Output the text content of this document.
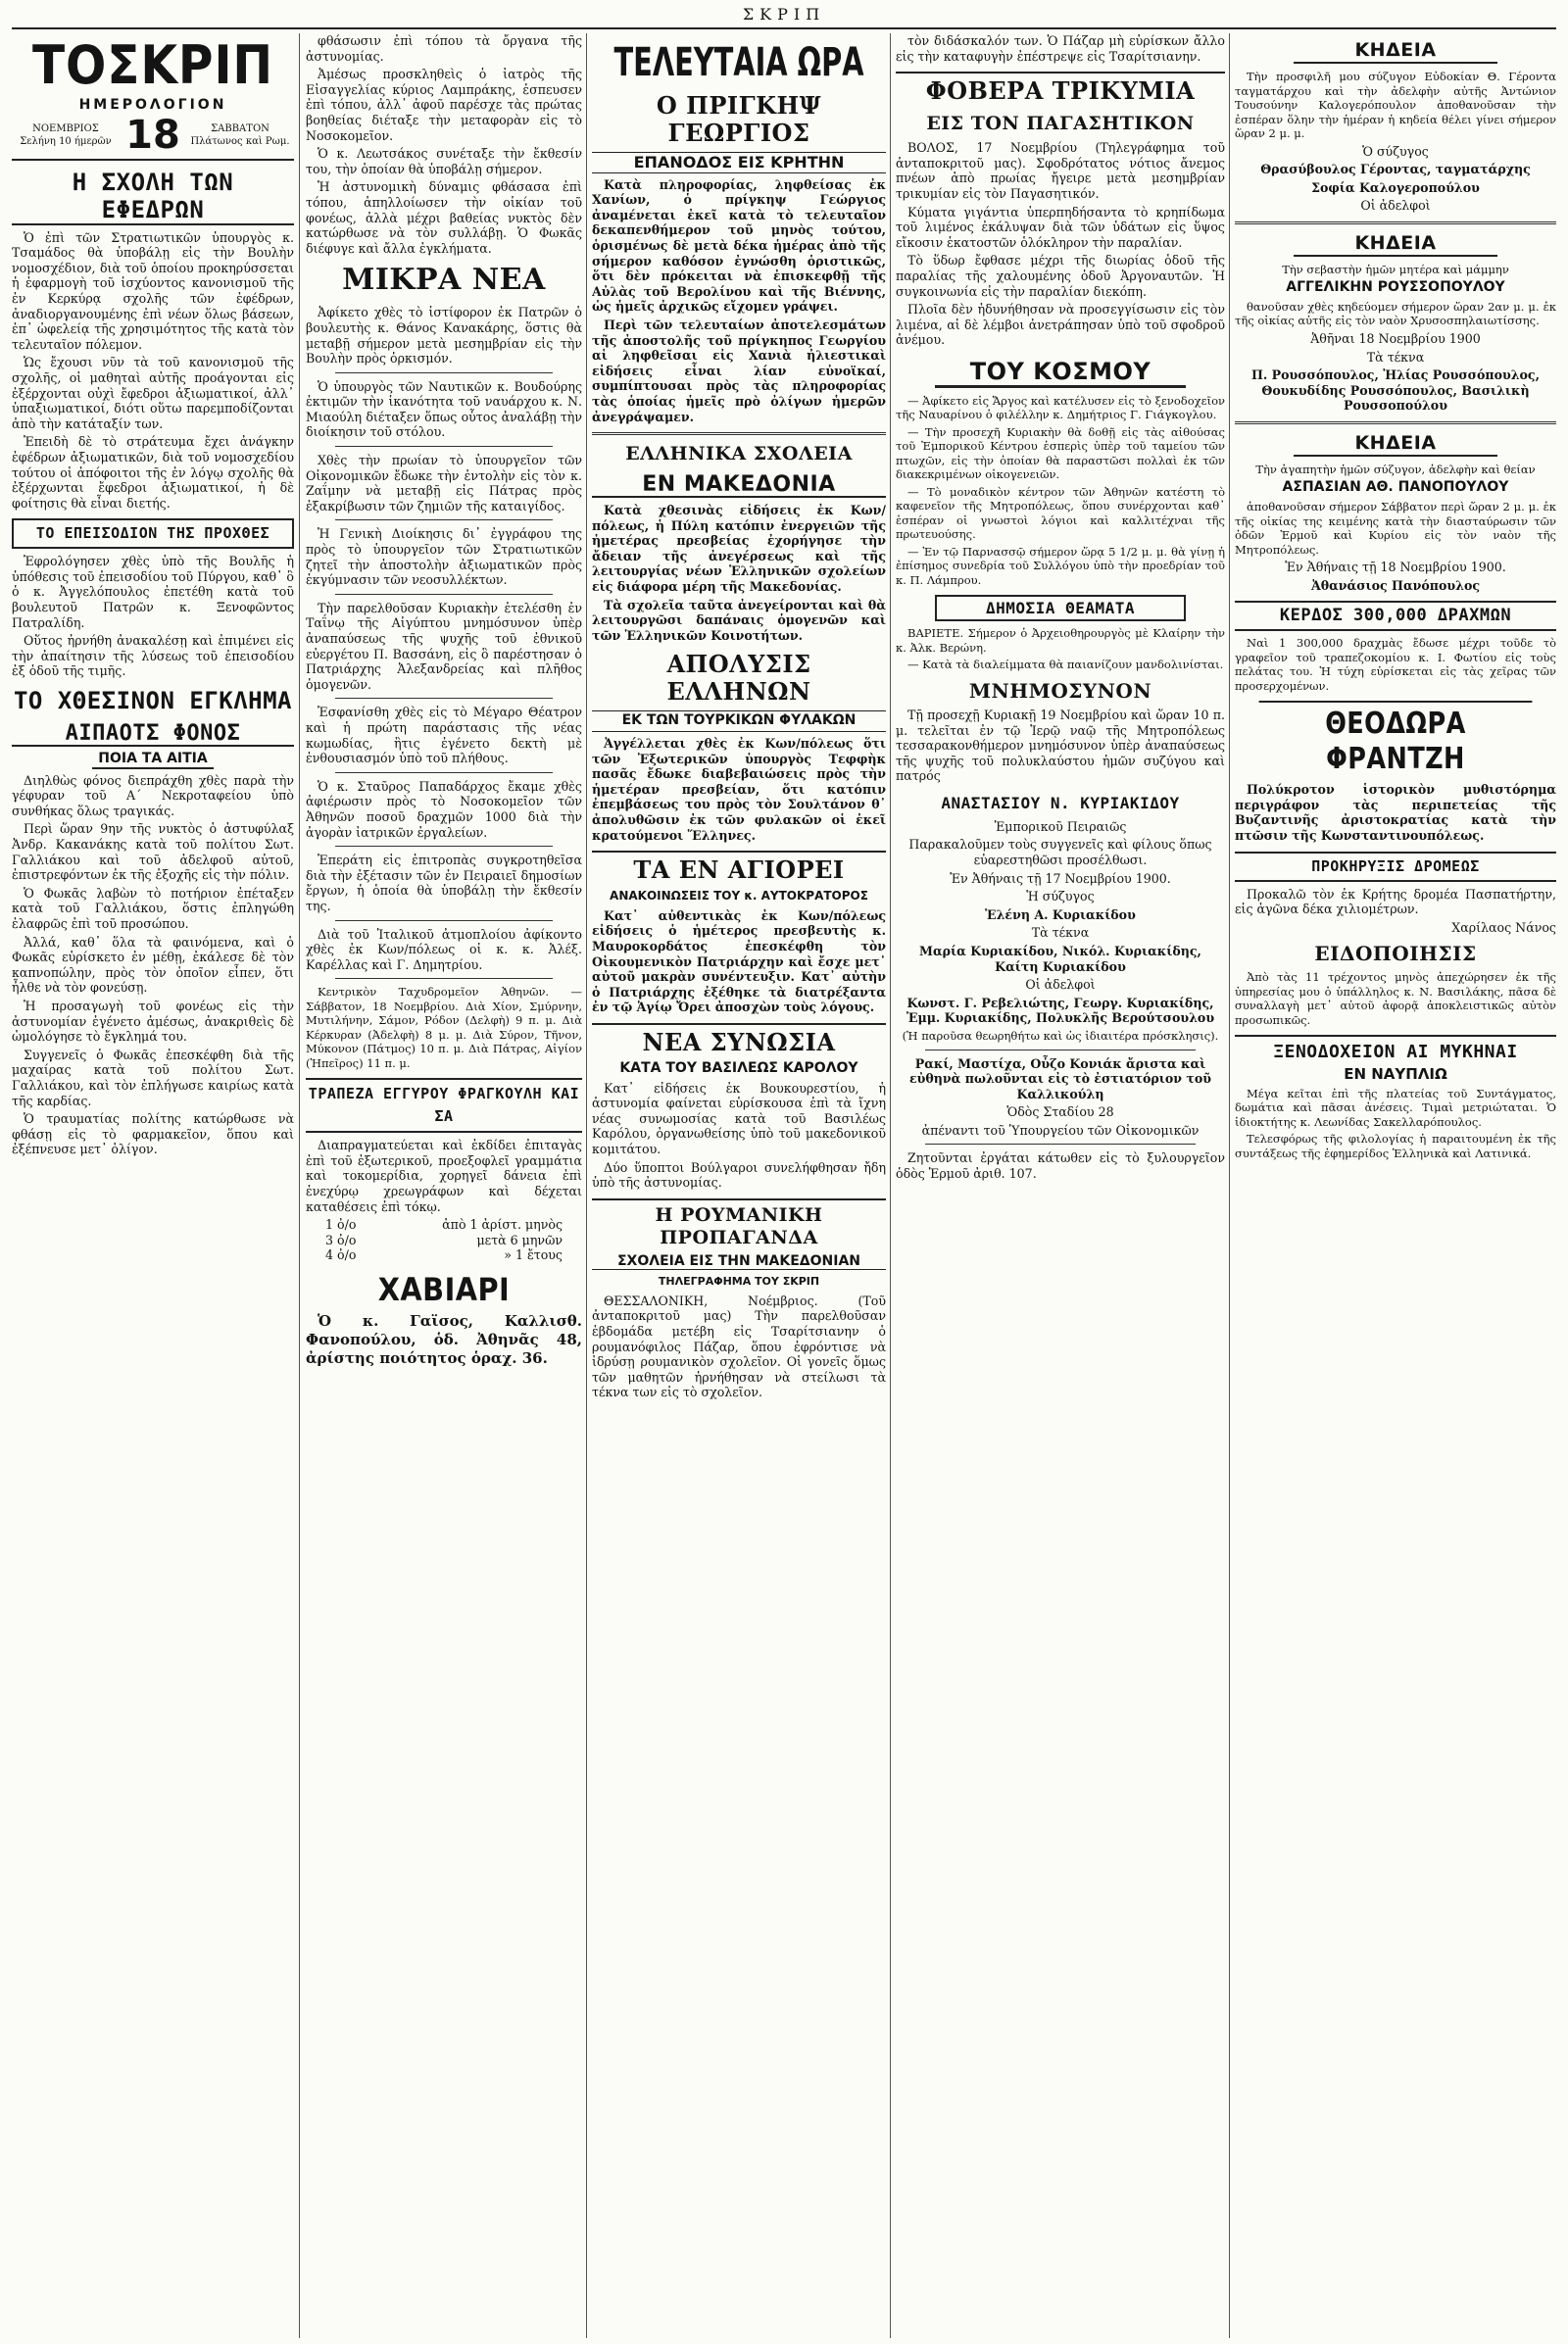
ΣΚΡΙΠ
ΤΟΣΚΡΙΠ
ΗΜΕΡΟΛΟΓΙΟΝ
ΝΟΕΜΒΡΙΟΣ
Σελήνη 10 ήμερῶν 18	ΣΑΒΒΑΤΟΝ
Πλάτωνος καὶ Ρωμ.
Η ΣΧΟΛΗ ΤΩΝ ΕΦΕΔΡΩΝ

Ὁ ἐπὶ τῶν Στρατιωτικῶν ὑπουργὸς κ. Τσαμάδος θὰ ὑποβάλῃ εἰς τὴν Βουλὴν νομοσχέδιον, διὰ τοῦ ὁποίου προκηρύσσεται ἡ ἐφαρμογὴ τοῦ ἰσχύοντος κανονισμοῦ τῆς ἐν Κερκύρᾳ σχολῆς τῶν ἐφέδρων, ἀναδιοργανουμένης ἐπὶ νέων ὅλως βάσεων, ἐπ᾿ ὠφελείᾳ τῆς χρησιμότητος τῆς κατὰ τὸν τελευταῖον πόλεμον.

Ὡς ἔχουσι νῦν τὰ τοῦ κανονισμοῦ τῆς σχολῆς, οἱ μαθηταὶ αὐτῆς προάγονται εἰς ἐξέρχονται οὐχὶ ἔφεδροι ἀξιωματικοί, ἀλλ᾿ ὑπαξιωματικοί, διότι οὕτω παρεμποδίζονται ἀπὸ τὴν κατάταξίν των.

Ἐπειδὴ δὲ τὸ στράτευμα ἔχει ἀνάγκην ἐφέδρων ἀξιωματικῶν, διὰ τοῦ νομοσχεδίου τούτου οἱ ἀπόφοιτοι τῆς ἐν λόγῳ σχολῆς θὰ ἐξέρχωνται ἔφεδροι ἀξιωματικοί, ἡ δὲ φοίτησις θὰ εἶναι διετής.

ΤΟ ΕΠΕΙΣΟΔΙΟΝ ΤΗΣ ΠΡΟΧΘΕΣ

Ἐφρολόγησεν χθὲς ὑπὸ τῆς Βουλῆς ἡ ὑπόθεσις τοῦ ἐπεισοδίου τοῦ Πύργου, καθ᾿ ὃ ὁ κ. Ἀγγελόπουλος ἐπετέθη κατὰ τοῦ βουλευτοῦ Πατρῶν κ. Ξενοφῶντος Πατραλίδη.

Οὕτος ἠρνήθη ἀνακαλέσῃ καὶ ἐπιμένει εἰς τὴν ἀπαίτησιν τῆς λύσεως τοῦ ἐπεισοδίου ἐξ ὁδοῦ τῆς τιμῆς.

ΤΟ ΧΘΕΣΙΝΟΝ ΕΓΚΛΗΜΑ
ΑΙΠΑΟΤΣ ΦΟΝΟΣ
ΠΟΙΑ ΤΑ ΑΙΤΙΑ

Διηλθὼς φόνος διεπράχθη χθὲς παρὰ τὴν γέφυραν τοῦ Α΄ Νεκροταφείου ὑπὸ συνθήκας ὅλως τραγικάς.

Περὶ ὥραν 9ην τῆς νυκτὸς ὁ ἀστυφύλαξ Ἀνδρ. Κακανάκης κατὰ τοῦ πολίτου Σωτ. Γαλλιάκου καὶ τοῦ ἀδελφοῦ αὐτοῦ, ἐπιστρεφόντων ἐκ τῆς ἐξοχῆς εἰς τὴν πόλιν.

Ὁ Φωκᾶς λαβὼν τὸ ποτήριον ἐπέταξεν κατὰ τοῦ Γαλλιάκου, ὅστις ἐπληγώθη ἐλαφρῶς ἐπὶ τοῦ προσώπου.

Ἀλλά, καθ᾿ ὅλα τὰ φαινόμενα, καὶ ὁ Φωκᾶς εὑρίσκετο ἐν μέθῃ, ἐκάλεσε δὲ τὸν καπνοπώλην, πρὸς τὸν ὁποῖον εἶπεν, ὅτι ἦλθε νὰ τὸν φονεύσῃ.

Ἡ προσαγωγὴ τοῦ φονέως εἰς τὴν ἀστυνομίαν ἐγένετο ἀμέσως, ἀνακριθεὶς δὲ ὡμολόγησε τὸ ἔγκλημά του.

Συγγενεῖς ὁ Φωκᾶς ἐπεσκέφθη διὰ τῆς μαχαίρας κατὰ τοῦ πολίτου Σωτ. Γαλλιάκου, καὶ τὸν ἐπλήγωσε καιρίως κατὰ τῆς καρδίας.

Ὁ τραυματίας πολίτης κατώρθωσε νὰ φθάσῃ εἰς τὸ φαρμακεῖον, ὅπου καὶ ἐξέπνευσε μετ᾿ ὀλίγον.

φθάσωσιν ἐπὶ τόπου τὰ ὄργανα τῆς ἀστυνομίας.

Ἀμέσως προσκληθεὶς ὁ ἰατρὸς τῆς Εἰσαγγελίας κύριος Λαμπράκης, ἐσπευσεν ἐπὶ τόπου, ἀλλ᾿ ἀφοῦ παρέσχε τὰς πρώτας βοηθείας διέταξε τὴν μεταφορὰν εἰς τὸ Νοσοκομεῖον.

Ὁ κ. Λεωτσάκος συνέταξε τὴν ἔκθεσίν του, τὴν ὁποίαν θὰ ὑποβάλῃ σήμερον.

Ἡ ἀστυνομικὴ δύναμις φθάσασα ἐπὶ τόπου, ἀπηλλοίωσεν τὴν οἰκίαν τοῦ φονέως, ἀλλὰ μέχρι βαθείας νυκτὸς δὲν κατώρθωσε νὰ τὸν συλλάβῃ. Ὁ Φωκᾶς διέφυγε καὶ ἄλλα ἐγκλήματα.

ΜΙΚΡΑ ΝΕΑ

Ἀφίκετο χθὲς τὸ ἱστίφορον ἐκ Πατρῶν ὁ βουλευτὴς κ. Θάνος Κανακάρης, ὅστις θὰ μεταβῇ σήμερον μετὰ μεσημβρίαν εἰς τὴν Βουλὴν πρὸς ὁρκισμόν.

Ὁ ὑπουργὸς τῶν Ναυτικῶν κ. Βουδούρης ἐκτιμῶν τὴν ἱκανότητα τοῦ ναυάρχου κ. Ν. Μιαούλη διέταξεν ὅπως οὗτος ἀναλάβῃ τὴν διοίκησιν τοῦ στόλου.

Χθὲς τὴν πρωίαν τὸ ὑπουργεῖον τῶν Οἰκονομικῶν ἔδωκε τὴν ἐντολὴν εἰς τὸν κ. Ζαΐμην νὰ μεταβῇ εἰς Πάτρας πρὸς ἐξακρίβωσιν τῶν ζημιῶν τῆς καταιγίδος.

Ἡ Γενικὴ Διοίκησις δι᾿ ἐγγράφου της πρὸς τὸ ὑπουργεῖον τῶν Στρατιωτικῶν ζητεῖ τὴν ἀποστολὴν ἀξιωματικῶν πρὸς ἐκγύμνασιν τῶν νεοσυλλέκτων.

Τὴν παρελθοῦσαν Κυριακὴν ἐτελέσθη ἐν Ταΐνῳ τῆς Αἰγύπτου μνημόσυνον ὑπὲρ ἀναπαύσεως τῆς ψυχῆς τοῦ ἐθνικοῦ εὐεργέτου Π. Βασσάνη, εἰς ὃ παρέστησαν ὁ Πατριάρχης Ἀλεξανδρείας καὶ πλῆθος ὁμογενῶν.

Ἐσφανίσθη χθὲς εἰς τὸ Μέγαρο Θέατρον καὶ ἡ πρώτη παράστασις τῆς νέας κωμωδίας, ἣτις ἐγένετο δεκτὴ μὲ ἐνθουσιασμόν ὑπὸ τοῦ πλήθους.

Ὁ κ. Σταῦρος Παπαδάρχος ἔκαμε χθὲς ἀφιέρωσιν πρὸς τὸ Νοσοκομεῖον τῶν Ἀθηνῶν ποσοῦ δραχμῶν 1000 διὰ τὴν ἀγορὰν ἰατρικῶν ἐργαλείων.

Ἐπεράτη εἰς ἐπιτροπὰς συγκροτηθεῖσα διὰ τὴν ἐξέτασιν τῶν ἐν Πειραιεῖ δημοσίων ἔργων, ἡ ὁποία θὰ ὑποβάλῃ τὴν ἔκθεσίν της.

Διὰ τοῦ Ἰταλικοῦ ἀτμοπλοίου ἀφίκοντο χθὲς ἐκ Κων/πόλεως οἱ κ. κ. Ἀλέξ. Καρέλλας καὶ Γ. Δημητρίου.

Κεντρικὸν Ταχυδρομεῖον Ἀθηνῶν. — Σάββατον, 18 Νοεμβρίου. Διὰ Χίον, Σμύρνην, Μυτιλήνην, Σάμον, Ρόδον (Δελφὴ) 9 π. μ. Διὰ Κέρκυραν (Ἀδελφὴ) 8 μ. μ. Διὰ Σύρον, Τῆνον, Μύκονον (Πάτμος) 10 π. μ. Διὰ Πάτρας, Αἰγίον (Ἠπεῖρος) 11 π. μ.

ΤΡΑΠΕΖΑ ΕΓΓΥΡΟΥ ΦΡΑΓΚΟΥΛΗ ΚΑΙ ΣΑ

Διαπραγματεύεται καὶ ἐκδίδει ἐπιταγὰς ἐπὶ τοῦ ἐξωτερικοῦ, προεξοφλεῖ γραμμάτια καὶ τοκομερίδια, χορηγεῖ δάνεια ἐπὶ ἐνεχύρῳ χρεωγράφων καὶ δέχεται καταθέσεις ἐπὶ τόκῳ.

1 ὀ/ο	ἀπὸ 1 ἀρίστ. μηνὸς
3 ὀ/ο	μετὰ 6 μηνῶν
4 ὀ/ο	» 1 ἔτους
ΧΑΒΙΑΡΙ

Ὁ κ. Γαϊσος, Καλλισθ. Φανοπούλου, ὁδ. Ἀθηνᾶς 48, ἀρίστης ποιότητος ὁραχ. 36.

ΤΕΛΕΥΤΑΙΑ ΩΡΑ
Ο ΠΡΙΓΚΗΨ ΓΕΩΡΓΙΟΣ
ΕΠΑΝΟΔΟΣ ΕΙΣ ΚΡΗΤΗΝ

Κατὰ πληροφορίας, ληφθείσας ἐκ Χανίων, ὁ πρίγκηψ Γεώργιος ἀναμένεται ἐκεῖ κατὰ τὸ τελευταῖον δεκαπενθήμερον τοῦ μηνὸς τούτου, ὁρισμένως δὲ μετὰ δέκα ἡμέρας ἀπὸ τῆς σήμερον καθόσον ἐγνώσθη ὁριστικῶς, ὅτι δὲν πρόκειται νὰ ἐπισκεφθῇ τῆς Αὐλὰς τοῦ Βερολίνου καὶ τῆς Βιέννης, ὡς ἡμεῖς ἀρχικῶς εἴχομεν γράψει.

Περὶ τῶν τελευταίων ἀποτελεσμάτων τῆς ἀποστολῆς τοῦ πρίγκηπος Γεωργίου αἱ ληφθεῖσαι εἰς Χανιὰ ἠλιεστικαὶ εἰδήσεις εἶναι λίαν εὐνοϊκαί, συμπίπτουσαι πρὸς τὰς πληροφορίας τὰς ὁποίας ἡμεῖς πρὸ ὀλίγων ἡμερῶν ἀνεγράψαμεν.

ΕΛΛΗΝΙΚΑ ΣΧΟΛΕΙΑ
ΕΝ ΜΑΚΕΔΟΝΙΑ

Κατὰ χθεσινὰς εἰδήσεις ἐκ Κων/πόλεως, ἡ Πύλη κατόπιν ἐνεργειῶν τῆς ἡμετέρας πρεσβείας ἐχορήγησε τὴν ἄδειαν τῆς ἀνεγέρσεως καὶ τῆς λειτουργίας νέων Ἑλληνικῶν σχολείων εἰς διάφορα μέρη τῆς Μακεδονίας.

Τὰ σχολεῖα ταῦτα ἀνεγείρονται καὶ θὰ λειτουργῶσι δαπάναις ὁμογενῶν καὶ τῶν Ἑλληνικῶν Κοινοτήτων.

ΑΠΟΛΥΣΙΣ ΕΛΛΗΝΩΝ
ΕΚ ΤΩΝ ΤΟΥΡΚΙΚΩΝ ΦΥΛΑΚΩΝ

Ἀγγέλλεται χθὲς ἐκ Κων/πόλεως ὅτι τῶν Ἐξωτερικῶν ὑπουργὸς Τεφφὴκ πασᾶς ἔδωκε διαβεβαιώσεις πρὸς τὴν ἡμετέραν πρεσβείαν, ὅτι κατόπιν ἐπεμβάσεως του πρὸς τὸν Σουλτάνον θ᾿ ἀπολυθῶσιν ἐκ τῶν φυλακῶν οἱ ἐκεῖ κρατούμενοι Ἕλληνες.

ΤΑ ΕΝ ΑΓΙΟΡΕΙ
ΑΝΑΚΟΙΝΩΣΕΙΣ ΤΟΥ κ. ΑΥΤΟΚΡΑΤΟΡΟΣ

Κατ᾿ αὐθεντικὰς ἐκ Κων/πόλεως εἰδήσεις ὁ ἡμέτερος πρεσβευτὴς κ. Μαυροκορδάτος ἐπεσκέφθη τὸν Οἰκουμενικὸν Πατριάρχην καὶ ἔσχε μετ᾿ αὐτοῦ μακρὰν συνέντευξιν. Κατ᾿ αὐτὴν ὁ Πατριάρχης ἐξέθηκε τὰ διατρέξαντα ἐν τῷ Ἁγίῳ Ὄρει ἀποσχὼν τοὺς λόγους.

ΝΕΑ ΣΥΝΩΣΙΑ
ΚΑΤΑ ΤΟΥ ΒΑΣΙΛΕΩΣ ΚΑΡΟΛΟΥ

Κατ᾿ εἰδήσεις ἐκ Βουκουρεστίου, ἡ ἀστυνομία φαίνεται εὑρίσκουσα ἐπὶ τὰ ἴχνη νέας συνωμοσίας κατὰ τοῦ Βασιλέως Καρόλου, ὀργανωθείσης ὑπὸ τοῦ μακεδονικοῦ κομιτάτου.

Δύο ὕποπτοι Βούλγαροι συνελήφθησαν ἤδη ὑπὸ τῆς ἀστυνομίας.

Η ΡΟΥΜΑΝΙΚΗ ΠΡΟΠΑΓΑΝΔΑ
ΣΧΟΛΕΙΑ ΕΙΣ ΤΗΝ ΜΑΚΕΔΟΝΙΑΝ
ΤΗΛΕΓΡΑΦΗΜΑ ΤΟΥ ΣΚΡΙΠ

ΘΕΣΣΑΛΟΝΙΚΗ, Νοέμβριος. (Τοῦ ἀνταποκριτοῦ μας) Τὴν παρελθοῦσαν ἑβδομάδα μετέβη εἰς Τσαρίτσιανην ὁ ρουμανόφιλος Πάζαρ, ὅπου ἐφρόντισε νὰ ἱδρύσῃ ρουμανικὸν σχολεῖον. Οἱ γονεῖς ὅμως τῶν μαθητῶν ἠρνήθησαν νὰ στείλωσι τὰ τέκνα των εἰς τὸ σχολεῖον.

τὸν διδάσκαλόν των. Ὁ Πάζαρ μὴ εὑρίσκων ἄλλο εἰς τὴν καταφυγὴν ἐπέστρεψε εἰς Τσαρίτσιανην.

ΦΟΒΕΡΑ ΤΡΙΚΥΜΙΑ
ΕΙΣ ΤΟΝ ΠΑΓΑΣΗΤΙΚΟΝ

ΒΟΛΟΣ, 17 Νοεμβρίου (Τηλεγράφημα τοῦ ἀνταποκριτοῦ μας). Σφοδρότατος νότιος ἄνεμος πνέων ἀπὸ πρωίας ἤγειρε μετὰ μεσημβρίαν τρικυμίαν εἰς τὸν Παγασητικόν.

Κύματα γιγάντια ὑπερπηδήσαντα τὸ κρηπίδωμα τοῦ λιμένος ἐκάλυψαν διὰ τῶν ὑδάτων εἰς ὕψος εἴκοσιν ἑκατοστῶν ὁλόκληρον τὴν παραλίαν.

Τὸ ὕδωρ ἔφθασε μέχρι τῆς διωρίας ὁδοῦ τῆς παραλίας τῆς χαλουμένης ὁδοῦ Ἀργοναυτῶν. Ἡ συγκοινωνία εἰς τὴν παραλίαν διεκόπη.

Πλοῖα δὲν ἠδυνήθησαν νὰ προσεγγίσωσιν εἰς τὸν λιμένα, αἱ δὲ λέμβοι ἀνετράπησαν ὑπὸ τοῦ σφοδροῦ ἀνέμου.

ΤΟΥ ΚΟΣΜΟΥ

— Ἀφίκετο εἰς Ἄργος καὶ κατέλυσεν εἰς τὸ ξενοδοχεῖον τῆς Ναυαρίνου ὁ φιλέλλην κ. Δημήτριος Γ. Γιάγκογλου.

— Τὴν προσεχῆ Κυριακὴν θὰ δοθῇ εἰς τὰς αἰθούσας τοῦ Ἐμπορικοῦ Κέντρου ἑσπερὶς ὑπὲρ τοῦ ταμείου τῶν πτωχῶν, εἰς τὴν ὁποίαν θὰ παραστῶσι πολλαὶ ἐκ τῶν διακεκριμένων οἰκογενειῶν.

— Τὸ μοναδικὸν κέντρον τῶν Ἀθηνῶν κατέστη τὸ καφενεῖον τῆς Μητροπόλεως, ὅπου συνέρχονται καθ᾿ ἑσπέραν οἱ γνωστοὶ λόγιοι καὶ καλλιτέχναι τῆς πρωτευούσης.

— Ἐν τῷ Παρνασσῷ σήμερον ὥρᾳ 5 1/2 μ. μ. θὰ γίνῃ ἡ ἐπίσημος συνεδρία τοῦ Συλλόγου ὑπὸ τὴν προεδρίαν τοῦ κ. Π. Λάμπρου.

ΔΗΜΟΣΙΑ ΘΕΑΜΑΤΑ

ΒΑΡΙΕΤΕ. Σήμερον ὁ Ἀρχειοθηρουργὸς μὲ Κλαίρην τὴν κ. Ἀλκ. Βερώνη.

— Κατὰ τὰ διαλείμματα θὰ παιανίζουν μανδολινίσται.

ΜΝΗΜΟΣΥΝΟΝ

Τῇ προσεχῇ Κυριακῇ 19 Νοεμβρίου καὶ ὥραν 10 π. μ. τελεῖται ἐν τῷ Ἱερῷ ναῷ τῆς Μητροπόλεως τεσσαρακονθήμερον μνημόσυνον ὑπὲρ ἀναπαύσεως τῆς ψυχῆς τοῦ πολυκλαύστου ἡμῶν συζύγου καὶ πατρός

ΑΝΑΣΤΑΣΙΟΥ Ν. ΚΥΡΙΑΚΙΔΟΥ

Ἐμπορικοῦ Πειραιῶς

Παρακαλοῦμεν τοὺς συγγενεῖς καὶ φίλους ὅπως εὐαρεστηθῶσι προσέλθωσι.

Ἐν Ἀθήναις τῇ 17 Νοεμβρίου 1900.

Ἡ σύζυγος

Ἑλένη Α. Κυριακίδου

Τὰ τέκνα

Μαρία Κυριακίδου, Νικόλ. Κυριακίδης, Καίτη Κυριακίδου

Οἱ ἀδελφοὶ

Κωνστ. Γ. Ρεβελιώτης, Γεωργ. Κυριακίδης, Ἐμμ. Κυριακίδης, Πολυκλῆς Βερούτσουλου

(Ἡ παροῦσα θεωρηθήτω καὶ ὡς ἰδιαιτέρα πρόσκλησις).

Ρακί, Μαστίχα, Οὖζο Κονιάκ ἄριστα καὶ εὐθηνὰ πωλοῦνται εἰς τὸ ἐστιατόριον τοῦ Καλλικούλη

Ὁδὸς Σταδίου 28

ἀπέναντι τοῦ Ὑπουργείου τῶν Οἰκονομικῶν

Ζητοῦνται ἐργάται κάτωθεν εἰς τὸ ξυλουργεῖον ὁδὸς Ἑρμοῦ ἀριθ. 107.

ΚΗΔΕΙΑ

Τὴν προσφιλῆ μου σύζυγον Εὐδοκίαν Θ. Γέροντα ταγματάρχου καὶ τὴν ἀδελφὴν αὐτῆς Ἀντώνιον Τουσούνην Καλογερόπουλον ἀποθανοῦσαν τὴν ἐσπέραν ὅλην τὴν ἡμέραν ἡ κηδεία θέλει γίνει σήμερον ὥραν 2 μ. μ.

Ὁ σύζυγος

Θρασύβουλος Γέροντας, ταγματάρχης

Σοφία Καλογεροπούλου

Οἱ ἀδελφοὶ

ΚΗΔΕΙΑ

Τὴν σεβαστὴν ἡμῶν μητέρα καὶ μάμμην

ΑΓΓΕΛΙΚΗΝ ΡΟΥΣΣΟΠΟΥΛΟΥ

θανοῦσαν χθὲς κηδεύομεν σήμερον ὥραν 2αν μ. μ. ἐκ τῆς οἰκίας αὐτῆς εἰς τὸν ναὸν Χρυσοσπηλαιωτίσσης.

Ἀθῆναι 18 Νοεμβρίου 1900

Τὰ τέκνα

Π. Ρουσσόπουλος, Ἠλίας Ρουσσόπουλος, Θουκυδίδης Ρουσσόπουλος, Βασιλικὴ Ρουσσοπούλου

ΚΗΔΕΙΑ

Τὴν ἀγαπητὴν ἡμῶν σύζυγον, ἀδελφὴν καὶ θείαν

ΑΣΠΑΣΙΑΝ ΑΘ. ΠΑΝΟΠΟΥΛΟΥ

ἀποθανοῦσαν σήμερον Σάββατον περὶ ὥραν 2 μ. μ. ἐκ τῆς οἰκίας της κειμένης κατὰ τὴν διασταύρωσιν τῶν ὁδῶν Ἑρμοῦ καὶ Κυρίου εἰς τὸν ναὸν τῆς Μητροπόλεως.

Ἐν Ἀθήναις τῇ 18 Νοεμβρίου 1900.

Ἀθανάσιος Πανόπουλος

ΚΕΡΔΟΣ 300,000 ΔΡΑΧΜΩΝ

Ναὶ 1 300,000 δραχμὰς ἔδωσε μέχρι τοῦδε τὸ γραφεῖον τοῦ τραπεζοκομίου κ. Ι. Φωτίου εἰς τοὺς πελάτας του. Ἡ τύχη εὑρίσκεται εἰς τὰς χεῖρας τῶν προσερχομένων.

ΘΕΟΔΩΡΑ ΦΡΑΝΤΖΗ

Πολύκροτον ἱστορικὸν μυθιστόρημα περιγράφον τὰς περιπετείας τῆς Βυζαντινῆς ἀριστοκρατίας κατὰ τὴν πτῶσιν τῆς Κωνσταντινουπόλεως.

ΠΡΟΚΗΡΥΞΙΣ ΔΡΟΜΕΩΣ

Προκαλῶ τὸν ἐκ Κρήτης δρομέα Πασπατήρτην, εἰς ἀγῶνα δέκα χιλιομέτρων.

Χαρίλαος Νάνος

ΕΙΔΟΠΟΙΗΣΙΣ

Ἀπὸ τὰς 11 τρέχοντος μηνὸς ἀπεχώρησεν ἐκ τῆς ὑπηρεσίας μου ὁ ὑπάλληλος κ. Ν. Βασιλάκης, πᾶσα δὲ συναλλαγὴ μετ᾿ αὐτοῦ ἀφορᾷ ἀποκλειστικῶς αὐτὸν προσωπικῶς.

ΞΕΝΟΔΟΧΕΙΟΝ ΑΙ ΜΥΚΗΝΑΙ
ΕΝ ΝΑΥΠΛΙΩ

Μέγα κεῖται ἐπὶ τῆς πλατείας τοῦ Συντάγματος, δωμάτια καὶ πᾶσαι ἀνέσεις. Τιμαὶ μετριώταται. Ὁ ἰδιοκτήτης κ. Λεωνίδας Σακελλαρόπουλος.

Τελεσφόρως τῆς φιλολογίας ἡ παραιτουμένη ἐκ τῆς συντάξεως τῆς ἐφημερίδος Ἑλληνικὰ καὶ Λατινικά.
